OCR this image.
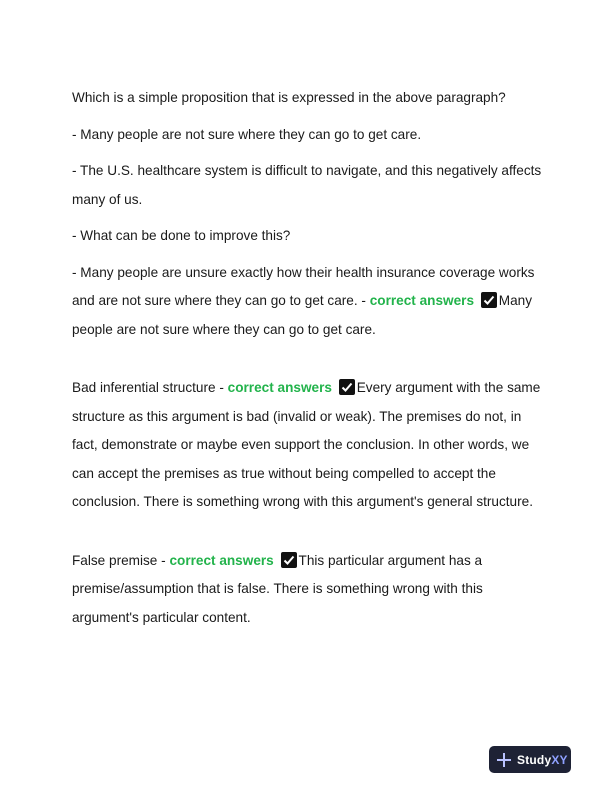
Which is a simple proposition that is expressed in the above paragraph?

- Many people are not sure where they can go to get care.

- The U.S. healthcare system is difficult to navigate, and this negatively affects many of us.

- What can be done to improve this?

- Many people are unsure exactly how their health insurance coverage works and are not sure where they can go to get care. - correct answers Many people are not sure where they can go to get care.

Bad inferential structure - correct answers Every argument with the same structure as this argument is bad (invalid or weak). The premises do not, in fact, demonstrate or maybe even support the conclusion. In other words, we can accept the premises as true without being compelled to accept the conclusion. There is something wrong with this argument's general structure.

False premise - correct answers This particular argument has a premise/assumption that is false. There is something wrong with this argument's particular content.

StudyXY
